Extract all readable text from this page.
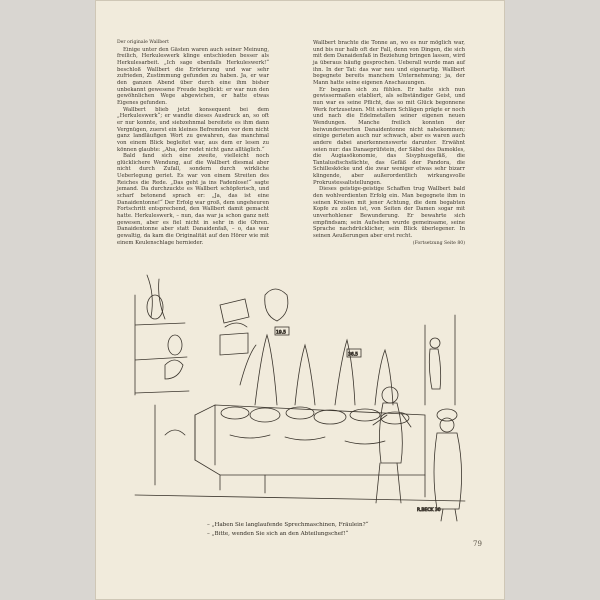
Der originale Wallbert

Einige unter den Gästen waren auch seiner Meinung, freilich, Herkuleswerk klinge entschieden besser als Herkulesarbeit. „Ich sage ebenfalls Herkuleswerk!“ beschloß Wallbert die Erörterung und war sehr zufrieden, Zustimmung gefunden zu haben. Ja, er war den ganzen Abend über durch eine ihm bisher unbekannt gewesene Freude beglückt: er war nun den gewöhnlichen Wege abgewichen, er hatte etwas Eigenes gefunden.

Wallbert blieb jetzt konsequent bei dem „Herkuleswerk“; er wandte dieses Ausdruck an, so oft er nur konnte, und siebzehnmal bereitete es ihm dann Vergnügen, zuerst ein kleines Befremden vor dem nicht ganz landläufigen Wort zu gewahren, das manchmal von einem Blick begleitet war, aus dem er lesen zu können glaubte: „Aha, der redet nicht ganz alltäglich.“

Bald fand sich eine zweite, vielleicht noch glücklichere Wendung, auf die Wallbert diesmal aber nicht durch Zufall, sondern durch wirkliche Ueberlegung geriet. Es war von einem Streiten des Reiches die Rede. „Das geht ja ins Fadenlose!“ sagte jemand. Da durchzuckte es Wallbert schöpferisch, und scharf betonend sprach er: „Ja, das ist eine Danaidentonne!“ Der Erfolg war groß, dem ungeheuren Fortschritt entsprechend, den Wallbert damit gemacht hatte. Herkuleswerk, – nun, das war ja schon ganz nett gewesen, aber es fiel nicht in sehr in die Ohren. Danaidentonne aber statt Danaidenfaß, – o, das war gewaltig, da kam die Originalität auf den Hörer wie mit einem Keulenschlage hernieder.

Wallbert brachte die Tonne an, wo es nur möglich war, und bis nur halb oft der Fall, denn von Dingen, die sich mit dem Danaidenfaß in Beziehung bringen lassen, wird ja überaus häufig gesprochen. Ueberall wurde man auf ihn. In der Tat: das war neu und eigenartig. Wallbert begegnete bereits manchem Unternehmung; ja, der Mann hatte seine eigenen Anschauungen.

Er begann sich zu fühlen. Er hatte sich nun gewissermaßen etabliert, als selbständiger Geist, und nun war es seine Pflicht, das so mit Glück begonnene Werk fortzusetzen. Mit sichern Schlägen prägte er noch und nach die Edelmetallen seiner eigenen neuen Wendungen. Manche freilich konnten der beiwunderwerten Danaidentonne nicht nahekommen; einige gerieten auch nur schwach, aber es waren auch andere dabei anerkennenswerte darunter. Erwähnt seien nur: das Danaeprüfstein, der Säbel des Damokles, die Augiasökonomie, das Sisyphusgefäß, die Tantalusfischsfächte, das Gefäß der Pandora, die Schillesköcke und die zwar weniger etwas sehr bizarr klingende, aber außerordentlich wirkungsvolle Prokrustessaltstellungen.

Dieses geistige-geistige Schaffen trug Wallbert bald den wohlverdienten Erfolg ein. Man begegnete ihm in seinen Kreisen mit jener Achtung, die dem begabten Kopfe zu zollen ist, von Seiten der Damen sogar mit unverhohlener Bewunderung. Er bewahrte sich empfindsam; sein Aufsehen wurde gemeinsame, seine Sprache nachdrücklicher, sein Blick überlegener. In seinen Aeußerungen aber erst recht.

(Fortsetzung Seite 80)

19.5
36.5
R.BECK 30
– „Haben Sie langlaufende Sprechmaschinen, Fräulein?“
– „Bitte, wenden Sie sich an den Abteilungschef!“
79
